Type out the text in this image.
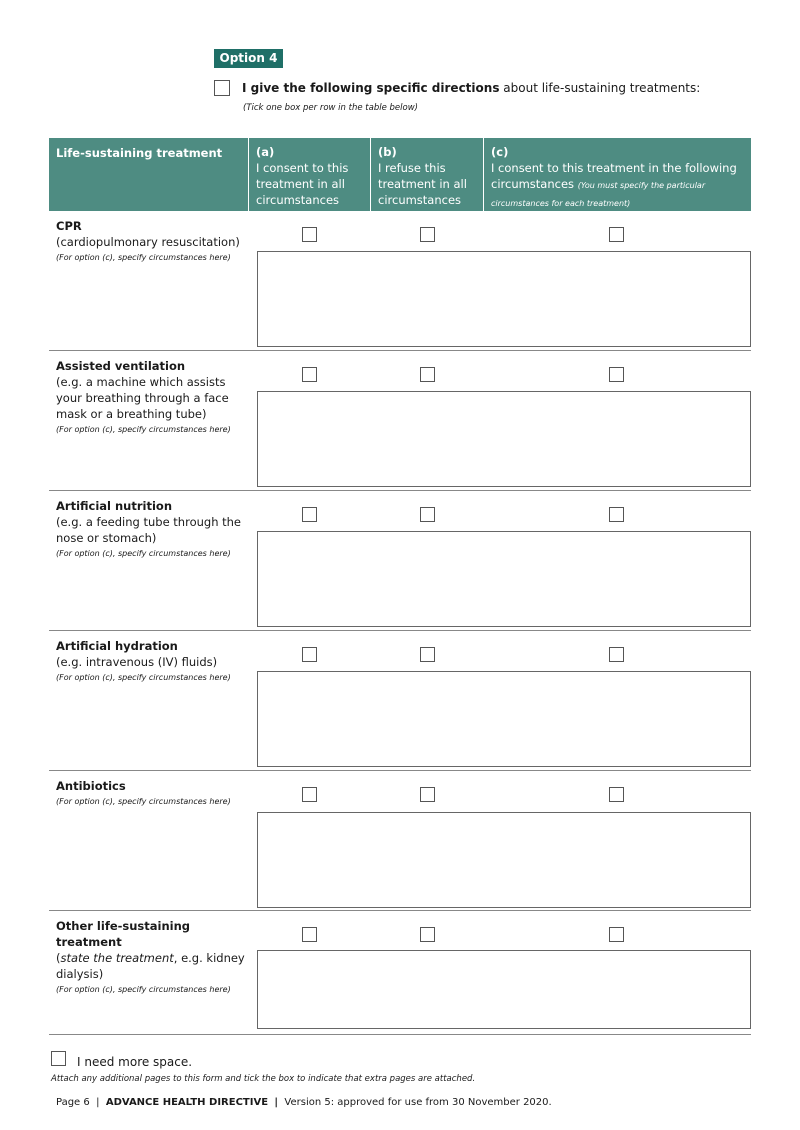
Option 4
I give the following specific directions about life-sustaining treatments:
(Tick one box per row in the table below)
Life-sustaining treatment	(a)
I consent to this treatment in all circumstances
(b)
I refuse this treatment in all circumstances
(c)
I consent to this treatment in the following circumstances (You must specify the particular circumstances for each treatment)
CPR
(cardiopulmonary resuscitation)
(For option (c), specify circumstances here)
Assisted ventilation
(e.g. a machine which assists your breathing through a face mask or a breathing tube)
(For option (c), specify circumstances here)
Artificial nutrition
(e.g. a feeding tube through the nose or stomach)
(For option (c), specify circumstances here)
Artificial hydration
(e.g. intravenous (IV) fluids)
(For option (c), specify circumstances here)
Antibiotics
(For option (c), specify circumstances here)
Other life-sustaining treatment
(state the treatment, e.g. kidney dialysis)
(For option (c), specify circumstances here)
I need more space.
Attach any additional pages to this form and tick the box to indicate that extra pages are attached.
Page 6 | ADVANCE HEALTH DIRECTIVE | Version 5: approved for use from 30 November 2020.
